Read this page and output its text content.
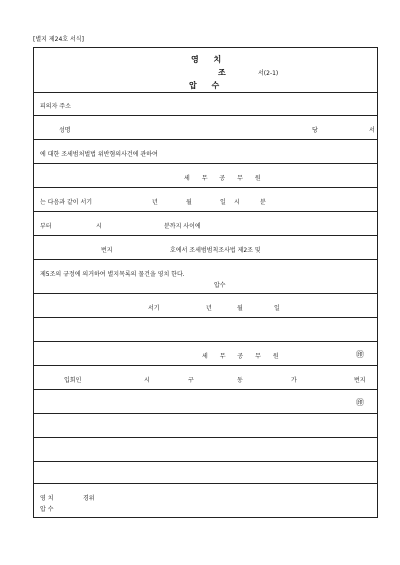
[별지 제24호 서식]
영 치
조	서(2-1)
압 수
피의자 주소
성명	당	서
에 대한 조세범처벌법 위반혐의사건에 관하여
세 무 공 무 원
는 다음과 같이 서기	년	월	일 시	분
부터	시	분까지 사이에
번지	호에서 조세범범칙조사법 제2조 및
제5조의 규정에 의거하여 별지목록의 물건을 영치 한다.
압수
서기	년	월	일
세 무 공 무 원	㊞
입회인	시	구	동	가	번지
㊞
영 치	경위
압 수
